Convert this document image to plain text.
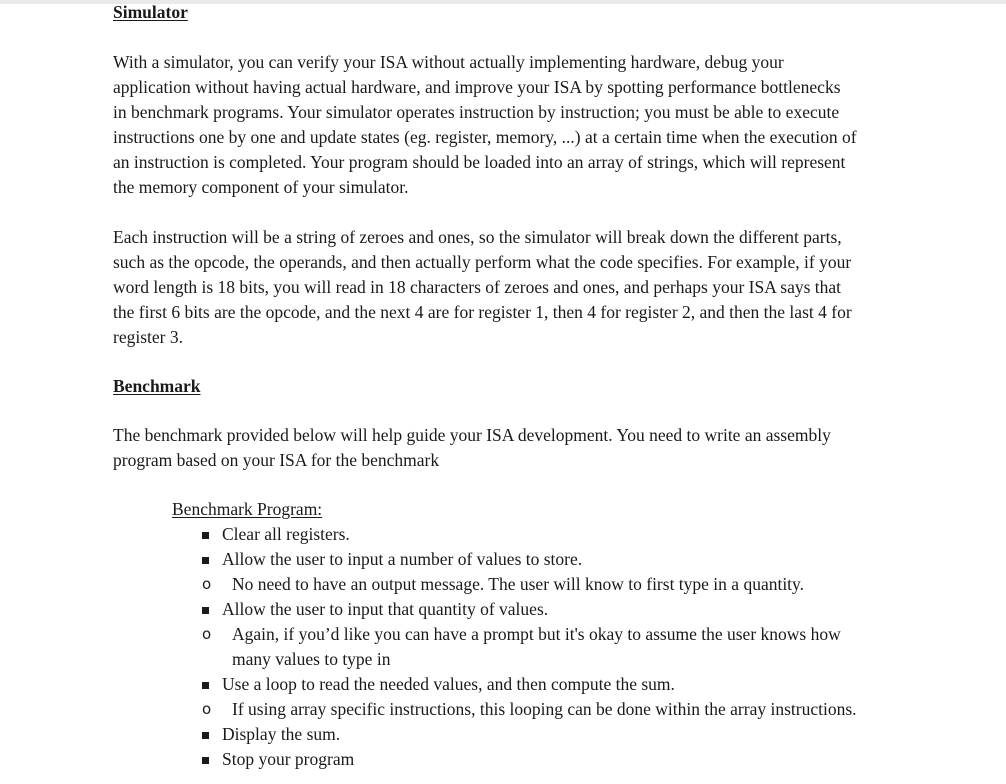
Simulator

With a simulator, you can verify your ISA without actually implementing hardware, debug your
application without having actual hardware, and improve your ISA by spotting performance bottlenecks
in benchmark programs. Your simulator operates instruction by instruction; you must be able to execute
instructions one by one and update states (eg. register, memory, ...) at a certain time when the execution of
an instruction is completed. Your program should be loaded into an array of strings, which will represent
the memory component of your simulator.

Each instruction will be a string of zeroes and ones, so the simulator will break down the different parts,
such as the opcode, the operands, and then actually perform what the code specifies. For example, if your
word length is 18 bits, you will read in 18 characters of zeroes and ones, and perhaps your ISA says that
the first 6 bits are the opcode, and the next 4 are for register 1, then 4 for register 2, and then the last 4 for
register 3.

Benchmark

The benchmark provided below will help guide your ISA development. You need to write an assembly
program based on your ISA for the benchmark

Benchmark Program:
Clear all registers.
Allow the user to input a number of values to store.
o No need to have an output message. The user will know to first type in a quantity.
Allow the user to input that quantity of values.
o Again, if you’d like you can have a prompt but it's okay to assume the user knows how
many values to type in
Use a loop to read the needed values, and then compute the sum.
o If using array specific instructions, this looping can be done within the array instructions.
Display the sum.
Stop your program
